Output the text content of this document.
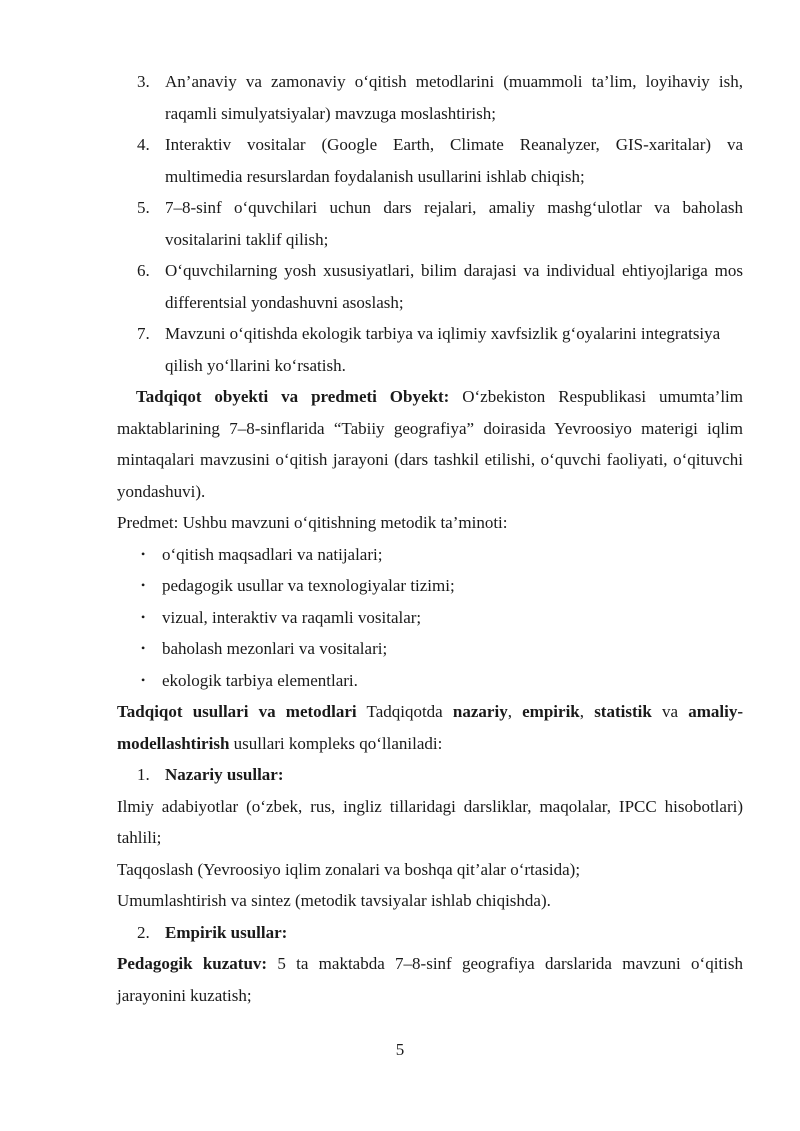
3. An’anaviy va zamonaviy o‘qitish metodlarini (muammoli ta’lim, loyihaviy ish, raqamli simulyatsiyalar) mavzuga moslashtirish;
4. Interaktiv vositalar (Google Earth, Climate Reanalyzer, GIS-xaritalar) va multimedia resurslardan foydalanish usullarini ishlab chiqish;
5. 7–8-sinf o‘quvchilari uchun dars rejalari, amaliy mashg‘ulotlar va baholash vositalarini taklif qilish;
6. O‘quvchilarning yosh xususiyatlari, bilim darajasi va individual ehtiyojlariga mos differentsial yondashuvni asoslash;
7. Mavzuni o‘qitishda ekologik tarbiya va iqlimiy xavfsizlik g‘oyalarini integratsiya qilish yo‘llarini ko‘rsatish.

Tadqiqot obyekti va predmeti Obyekt: O‘zbekiston Respublikasi umumta’lim maktablarining 7–8-sinflarida “Tabiiy geografiya” doirasida Yevroosiyo materigi iqlim mintaqalari mavzusini o‘qitish jarayoni (dars tashkil etilishi, o‘quvchi faoliyati, o‘qituvchi yondashuvi).

Predmet: Ushbu mavzuni o‘qitishning metodik ta’minoti:

• o‘qitish maqsadlari va natijalari;
• pedagogik usullar va texnologiyalar tizimi;
• vizual, interaktiv va raqamli vositalar;
• baholash mezonlari va vositalari;
• ekologik tarbiya elementlari.

Tadqiqot usullari va metodlari Tadqiqotda nazariy, empirik, statistik va amaliy-modellashtirish usullari kompleks qo‘llaniladi:

1. Nazariy usullar:

Ilmiy adabiyotlar (o‘zbek, rus, ingliz tillaridagi darsliklar, maqolalar, IPCC hisobotlari) tahlili;

Taqqoslash (Yevroosiyo iqlim zonalari va boshqa qit’alar o‘rtasida);

Umumlashtirish va sintez (metodik tavsiyalar ishlab chiqishda).

2. Empirik usullar:

Pedagogik kuzatuv: 5 ta maktabda 7–8-sinf geografiya darslarida mavzuni o‘qitish jarayonini kuzatish;

5
